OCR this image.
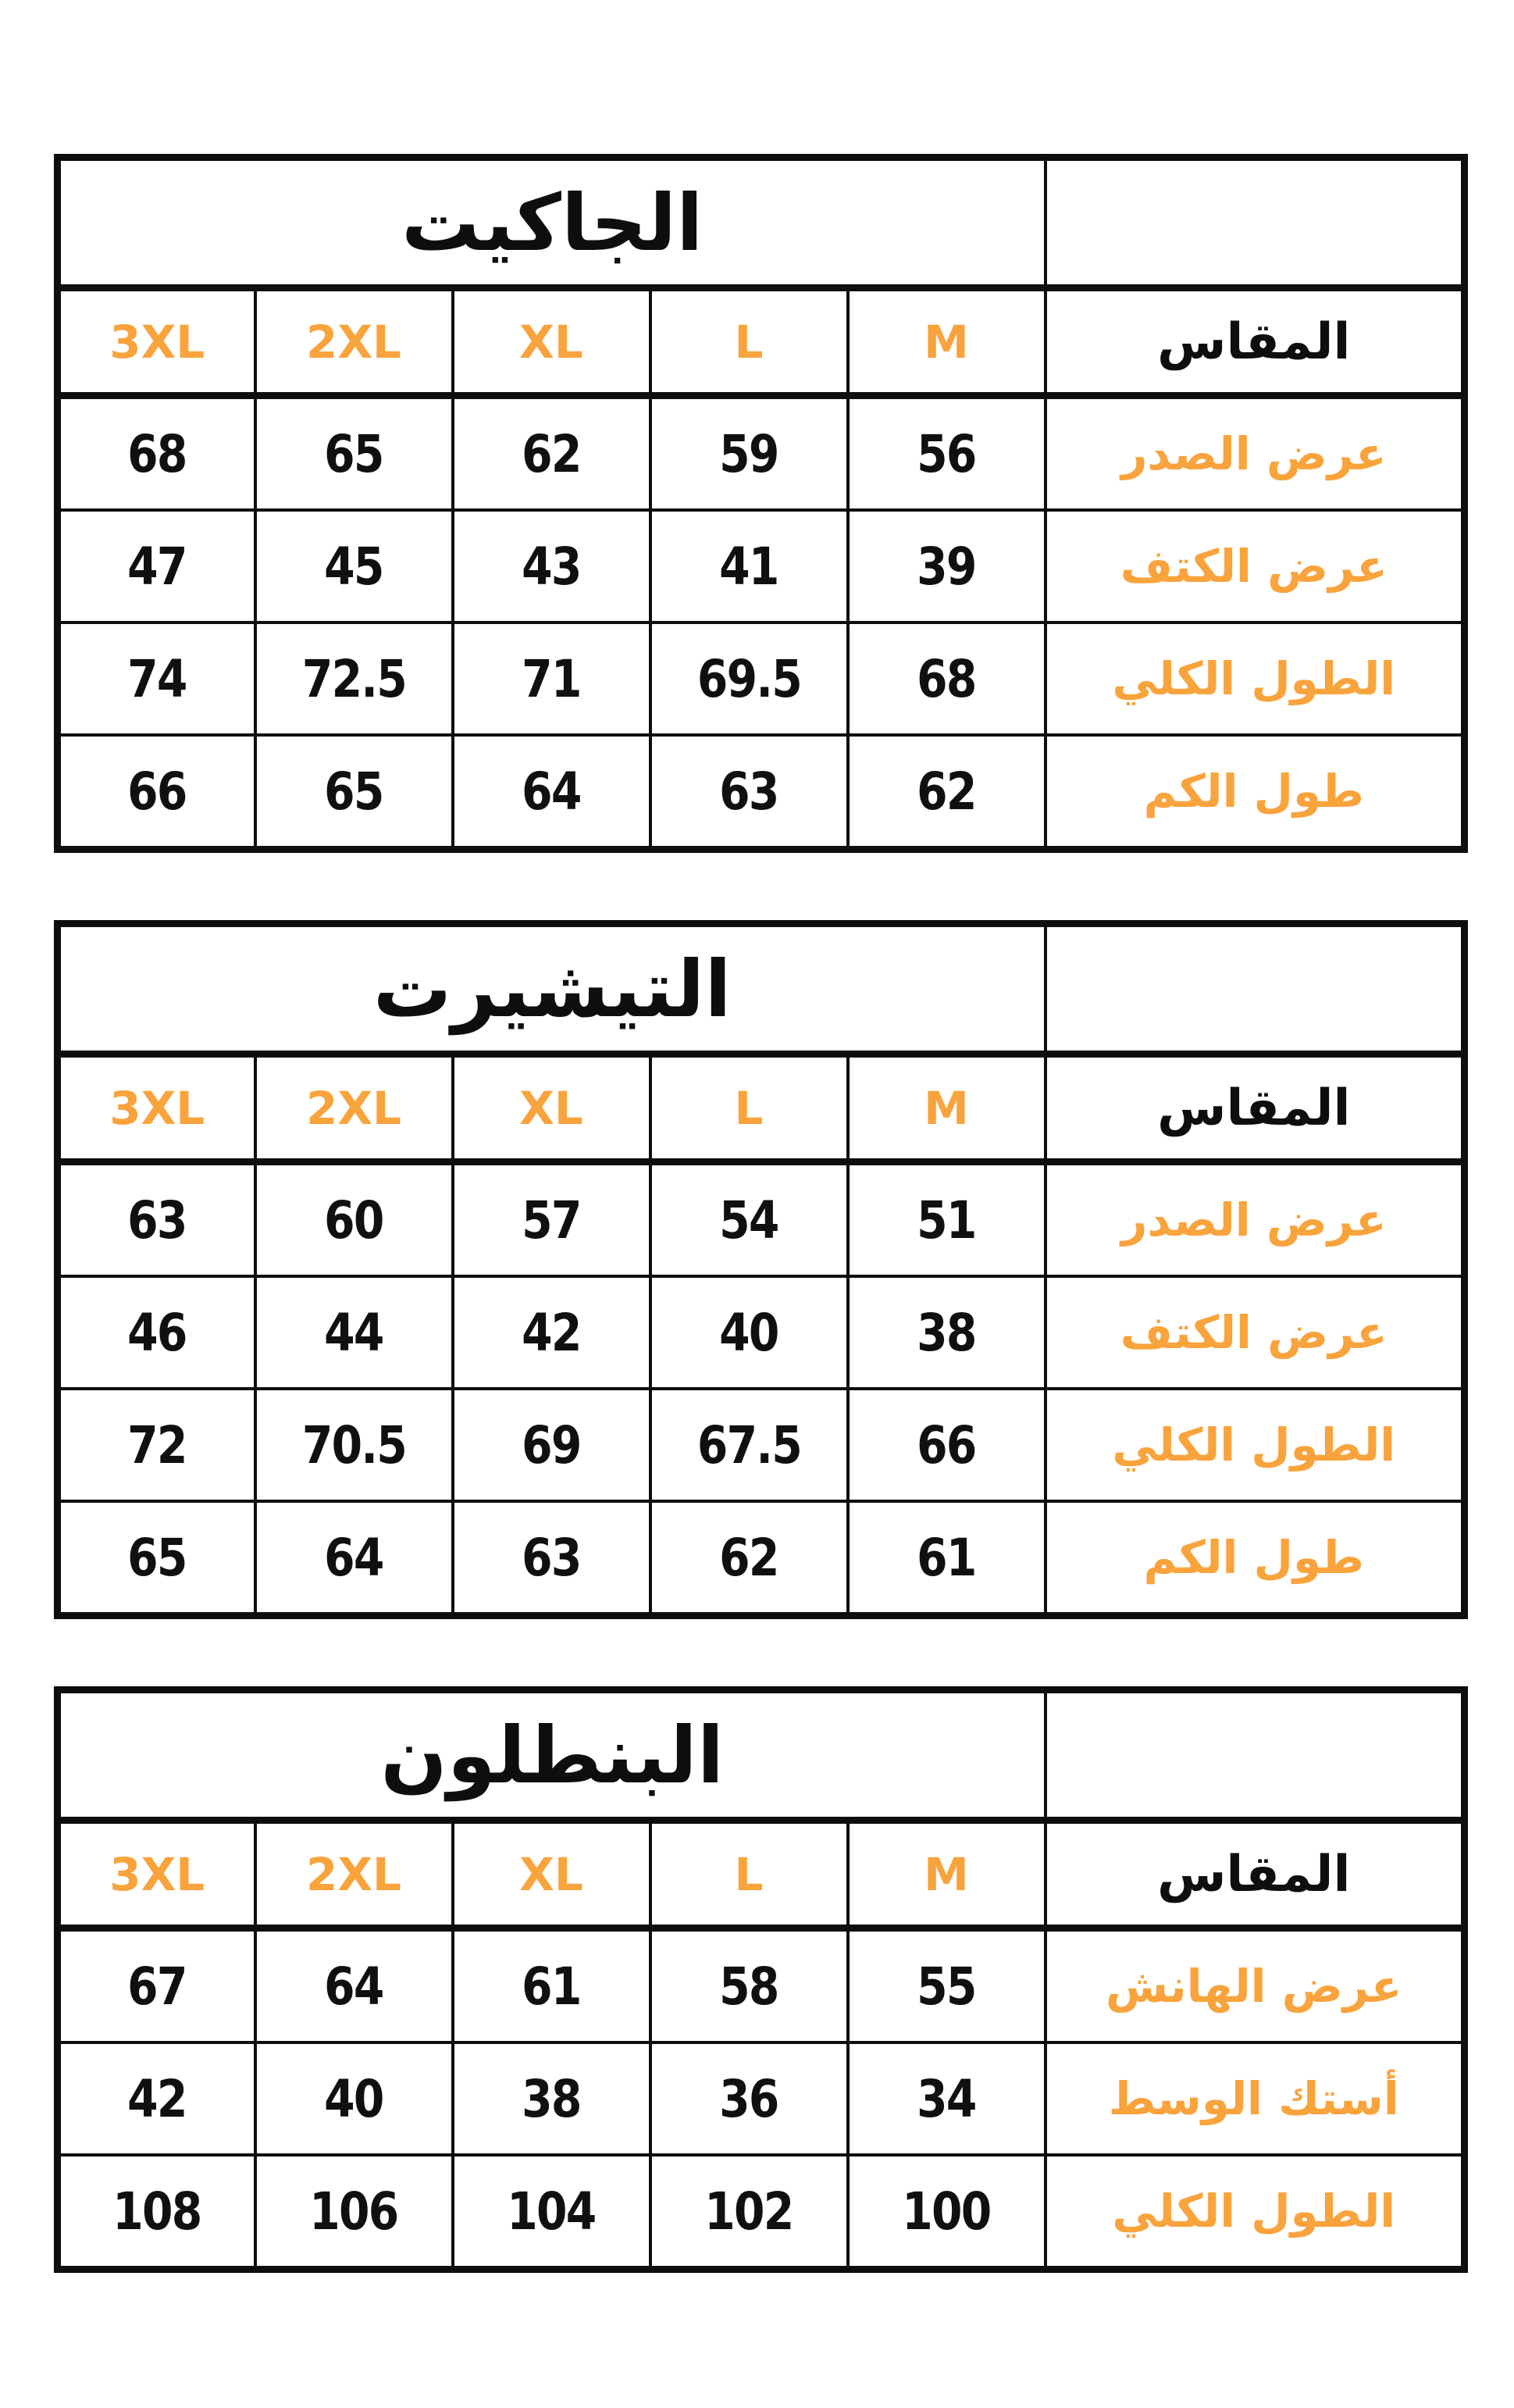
الجاكيت					
3XL	2XL	XL	L	M	المقاس
68	65	62	59	56	عرض الصدر
47	45	43	41	39	عرض الكتف
74	72.5	71	69.5	68	الطول الكلي
66	65	64	63	62	طول الكم
التيشيرت					
3XL	2XL	XL	L	M	المقاس
63	60	57	54	51	عرض الصدر
46	44	42	40	38	عرض الكتف
72	70.5	69	67.5	66	الطول الكلي
65	64	63	62	61	طول الكم
البنطلون					
3XL	2XL	XL	L	M	المقاس
67	64	61	58	55	عرض الهانش
42	40	38	36	34	أستك الوسط
108	106	104	102	100	الطول الكلي
